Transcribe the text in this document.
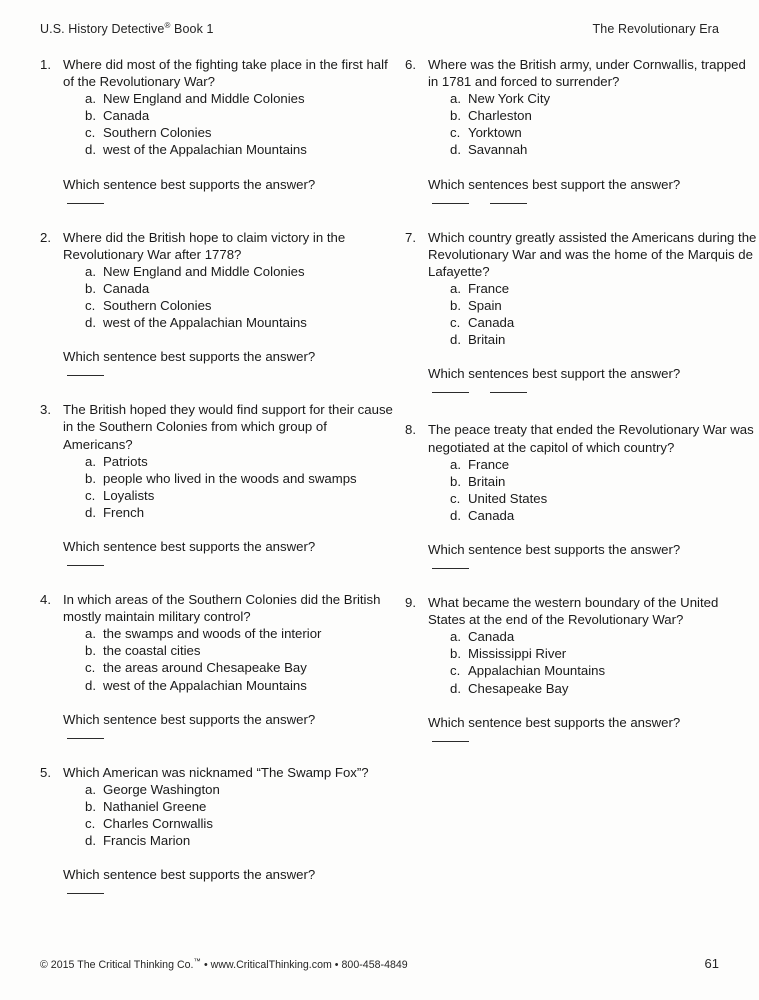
U.S. History Detective® Book 1	The Revolutionary Era
1. Where did most of the fighting take place in the first half of the Revolutionary War?

a. New England and Middle Colonies
b. Canada
c. Southern Colonies
d. west of the Appalachian Mountains

Which sentence best supports the answer?

2. Where did the British hope to claim victory in the Revolutionary War after 1778?

a. New England and Middle Colonies
b. Canada
c. Southern Colonies
d. west of the Appalachian Mountains

Which sentence best supports the answer?

3. The British hoped they would find support for their cause in the Southern Colonies from which group of Americans?

a. Patriots
b. people who lived in the woods and swamps
c. Loyalists
d. French

Which sentence best supports the answer?

4. In which areas of the Southern Colonies did the British mostly maintain military control?

a. the swamps and woods of the interior
b. the coastal cities
c. the areas around Chesapeake Bay
d. west of the Appalachian Mountains

Which sentence best supports the answer?

5. Which American was nicknamed “The Swamp Fox”?

a. George Washington
b. Nathaniel Greene
c. Charles Cornwallis
d. Francis Marion

Which sentence best supports the answer?

6. Where was the British army, under Cornwallis, trapped in 1781 and forced to surrender?

a. New York City
b. Charleston
c. Yorktown
d. Savannah

Which sentences best support the answer?

7. Which country greatly assisted the Americans during the Revolutionary War and was the home of the Marquis de Lafayette?

a. France
b. Spain
c. Canada
d. Britain

Which sentences best support the answer?

8. The peace treaty that ended the Revolutionary War was negotiated at the capitol of which country?

a. France
b. Britain
c. United States
d. Canada

Which sentence best supports the answer?

9. What became the western boundary of the United States at the end of the Revolutionary War?

a. Canada
b. Mississippi River
c. Appalachian Mountains
d. Chesapeake Bay

Which sentence best supports the answer?

© 2015 The Critical Thinking Co.™ • www.CriticalThinking.com • 800-458-4849	61
